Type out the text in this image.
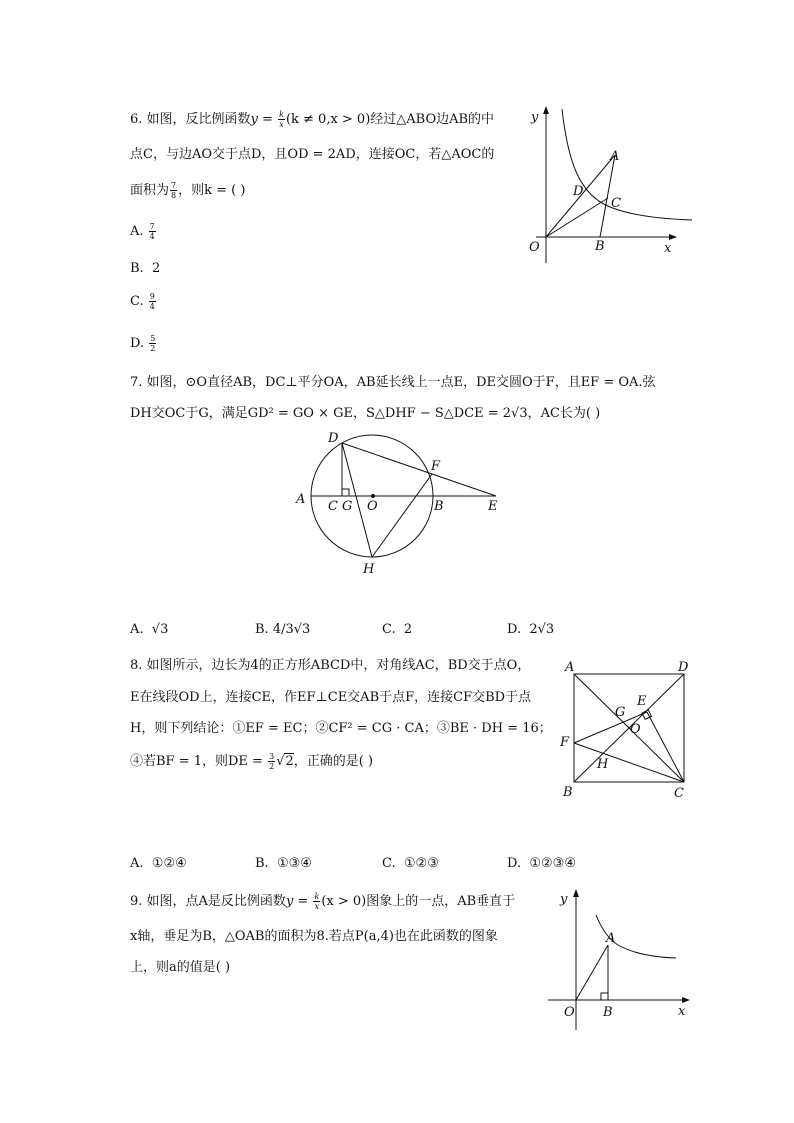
6. 如图，反比例函数$y = \frac{k}{x} (k \ne 0,x > 0)$经过△ABO边AB的中
点C，与边AO交于点D，且OD = 2AD，连接OC，若△AOC的
面积为 $\frac{7}{8}$ ，则k = ( )
A. $\frac{7}{4}$
B. 2
C. $\frac{9}{4}$
D. $\frac{5}{2}$
y
x
O
A
B
C
D
7. 如图，⊙O直径AB，DC⊥平分OA，AB延长线上一点E，DE交圆O于F，且EF = OA.弦
DH交OC于G，满足GD² = GO × GE，S△DHF − S△DCE = 2√3，AC长为( )
D
F
A C G O	B	E
H
A. √3	B. 4/3√3	C. 2	D. 2√3
8. 如图所示，边长为4的正方形ABCD中，对角线AC，BD交于点O，
E在线段OD上，连接CE，作EF⊥CE交AB于点F，连接CF交BD于点
H，则下列结论：①EF = EC；②CF² = CG · CA；③BE · DH = 16；
④若BF = 1，则DE = $\frac{3}{2} √2$，正确的是( )
A	D
E
G
O
F
H
B	C
A. ①②④	B. ①③④	C. ①②③	D. ①②③④
9. 如图，点A是反比例函数$y = \frac{k}{x} (x > 0)$图象上的一点，AB垂直于
x轴，垂足为B，△OAB的面积为8.若点P(a,4)也在此函数的图象
上，则a的值是( )
y
x
O
A
B
